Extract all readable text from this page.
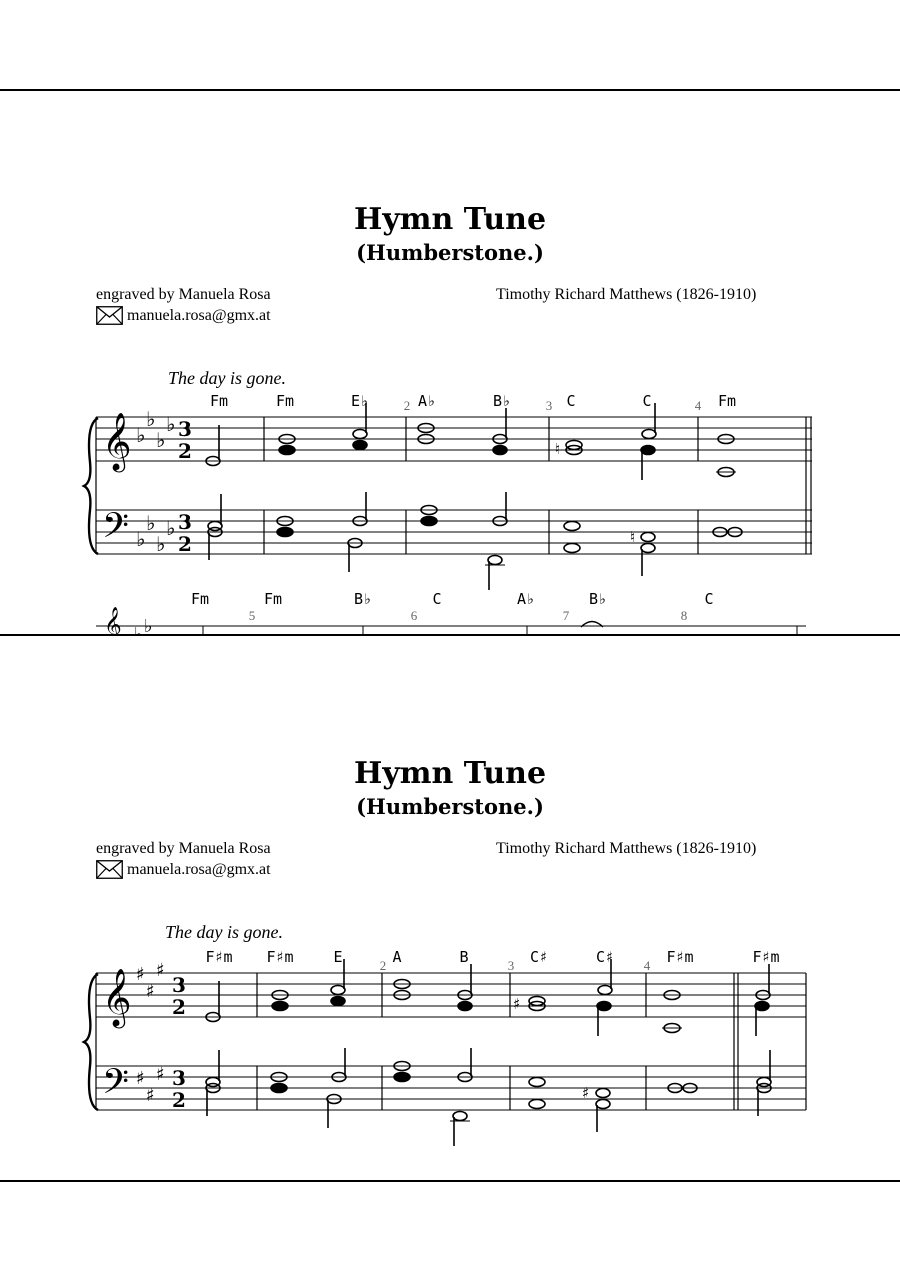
Hymn Tune
(Humberstone.)
engraved by Manuela Rosa
manuela.rosa@gmx.at
Timothy Richard Matthews (1826-1910)
The day is gone.
Fm	Fm	E♭	A♭	B♭	C	C	Fm
2	3	4
𝄞
𝄢
♭
♭
♭
♭
♭
♭
♭
♭
3
2
3
2
♮
♮
Fm	Fm	B♭	C	A♭	B♭	C
5	6	7	8
𝄞 ♭ ♭
Hymn Tune
(Humberstone.)
engraved by Manuela Rosa
manuela.rosa@gmx.at
Timothy Richard Matthews (1826-1910)
The day is gone.
F♯m F♯m	E	A	B	C♯	C♯	F♯m	F♯m
2	3	4
𝄞
𝄢
♯
♯
♯
♯
♯
♯
3
2
3
2
♯
♯
